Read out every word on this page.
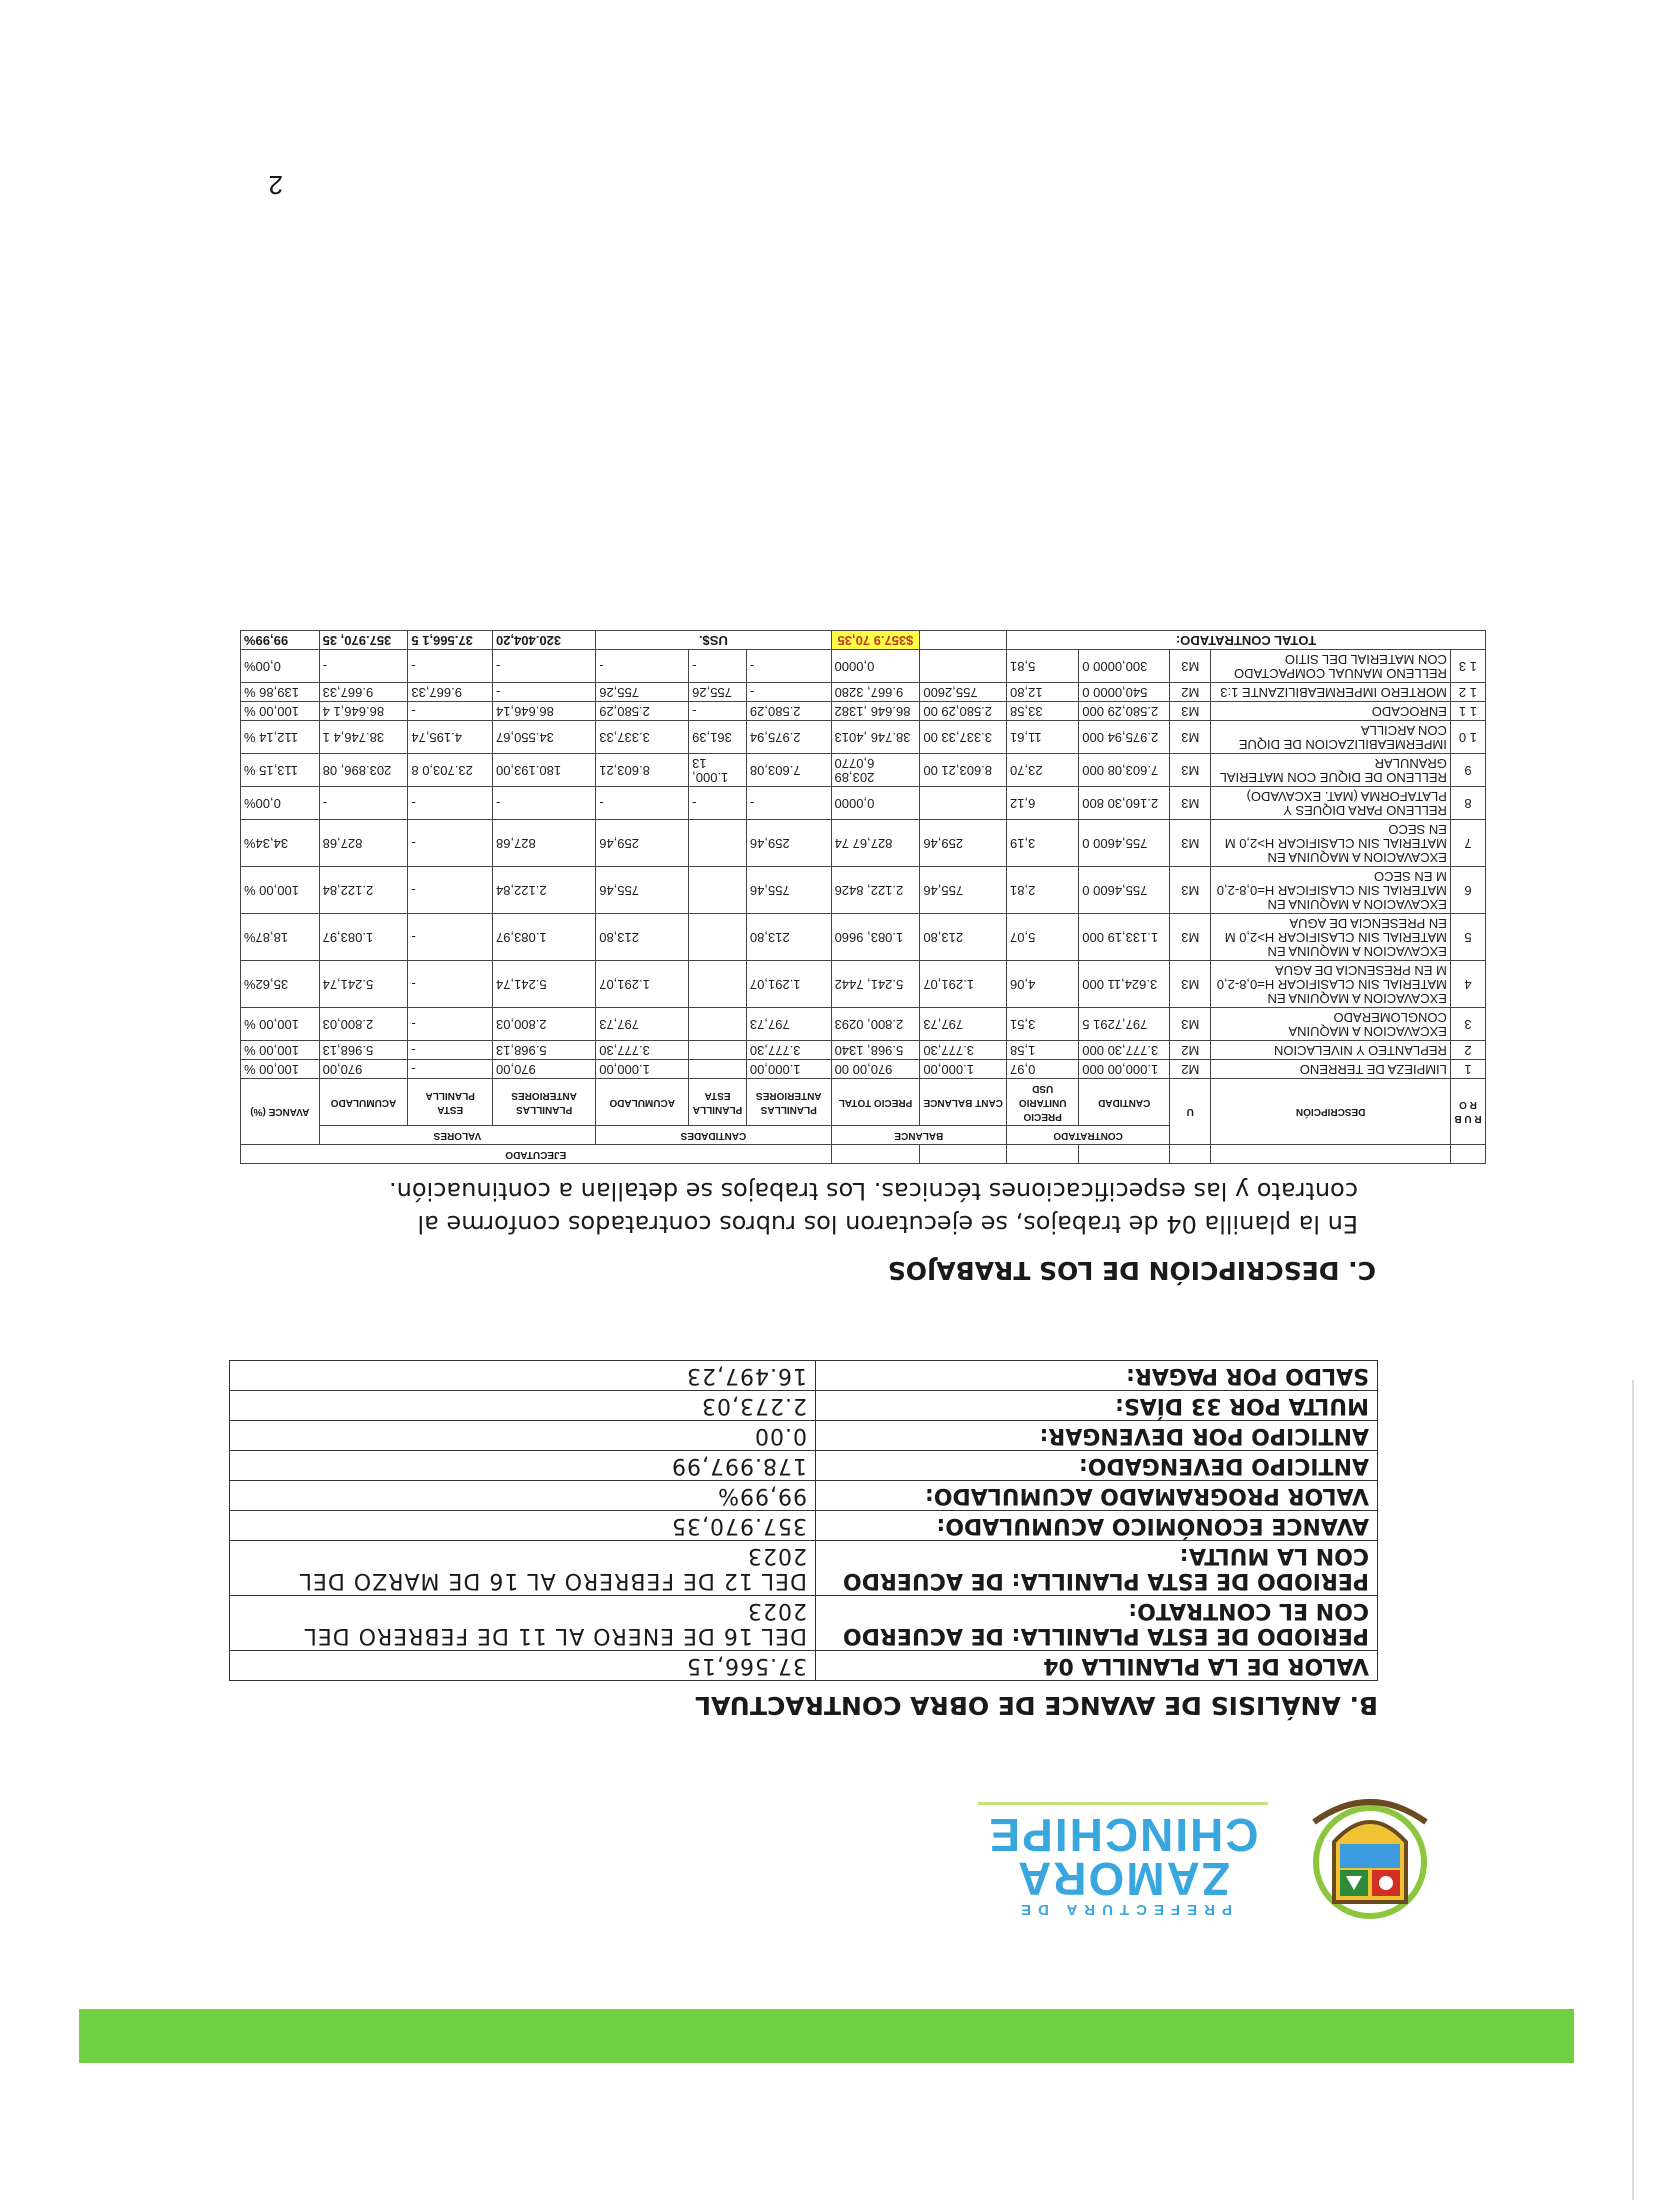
PREFECTURA DE
ZAMORA
CHINCHIPE
B. ANÁLISIS DE AVANCE DE OBRA CONTRACTUAL
VALOR DE LA PLANILLA 04	37.566,15
PERIODO DE ESTA PLANILLA: DE ACUERDO CON EL CONTRATO:	DEL 16 DE ENERO AL 11 DE FEBRERO DEL 2023
PERIODO DE ESTA PLANILLA: DE ACUERDO CON LA MULTA:	DEL 12 DE FEBRERO AL 16 DE MARZO DEL 2023
AVANCE ECONÓMICO ACUMULADO:	357.970,35
VALOR PROGRAMADO ACUMULADO:	99,99%
ANTICIPO DEVENGADO:	178.997,99
ANTICIPO POR DEVENGAR:	0.00
MULTA POR 33 DÍAS:	2.273,03
SALDO POR PAGAR:	16.497,23
C. DESCRIPCIÓN DE LOS TRABAJOS
En la planilla 04 de trabajos, se ejecutaron los rubros contratados conforme al contrato y las especificaciones técnicas. Los trabajos se detallan a continuación.
							EJECUTADO						
R U B R O	DESCRIPCIÓN	U	CONTRATADO		BALANCE		CANTIDADES			VALORES			AVANCE (%)
			CANTIDAD	PRECIO UNITARIO USD	CANT BALANCE	PRECIO TOTAL	PLANILLAS ANTERIORES	PLANILLA ESTA	ACUMULADO	PLANILLAS ANTERIORES	ESTA PLANILLA	ACUMULADO	
1	LIMPIEZA DE TERRENO	M2	1.000,00 000	0,97	1.000,00	970,00 00	1.000,00		1.000,00	970,00	-	970,00	100,00 %
2	REPLANTEO Y NIVELACION	M2	3.777,30 000	1,58	3.777,30	5.968, 1340	3.777,30		3.777,30	5.968,13	-	5.968,13	100,00 %
3	EXCAVACION A MAQUINA CONGLOMERADO	M3	797,7291 5	3,51	797,73	2.800, 0293	797,73		797,73	2.800,03	-	2.800,03	100,00 %
4	EXCAVACION A MAQUINA EN MATERIAL SIN CLASIFICAR H=0,8-2,0 M EN PRESENCIA DE AGUA	M3	3.624,11 000	4,06	1.291,07	5.241, 7442	1.291,07		1.291,07	5.241,74	-	5.241,74	35,62%
5	EXCAVACION A MAQUINA EN MATERIAL SIN CLASIFICAR H>2,0 M EN PRESENCIA DE AGUA	M3	1.133,19 000	5,07	213,80	1.083, 9660	213,80		213,80	1.083,97	-	1.083,97	18,87%
6	EXCAVACION A MAQUINA EN MATERIAL SIN CLASIFICAR H=0,8-2,0 M EN SECO	M3	755,4600 0	2,81	755,46	2.122, 8426	755,46		755,46	2.122,84	-	2.122,84	100,00 %
7	EXCAVACION A MAQUINA EN MATERIAL SIN CLASIFICAR H>2,0 M EN SECO	M3	755,4600 0	3,19	259,46	827,67 74	259,46		259,46	827,68	-	827,68	34,34%
8	RELLENO PARA DIQUES Y PLATAFORMA (MAT. EXCAVADO)	M3	2.160,30 800	6,12		0,0000	-	-	-	-	-	-	0,00%
9	RELLENO DE DIQUE CON MATERIAL GRANULAR	M3	7.603,08 000	23,70	8.603,21 00	203,89 6,0770	7.603,08	1.000, 13	8.603,21	180.193,00	23.703,0 8	203.896, 08	113,15 %
1 0	IMPERMEABILIZACION DE DIQUE CON ARCILLA	M3	2.975,94 000	11,61	3.337,33 00	38.746 ,4013	2.975,94	361,39	3.337,33	34.550,67	4.195,74	38.746,4 1	112,14 %
1 1	ENROCADO	M3	2.580,29 000	33,58	2.580,29 00	86.646 ,1382	2.580,29	-	2.580,29	86.646,14	-	86.646,1 4	100,00 %
1 2	MORTERO IMPERMEABILIZANTE 1:3	M2	540,0000 0	12,80	755,2600	9.667, 3280	-	755,26	755,26	-	9.667,33	9.667,33	139,86 %
1 3	RELLENO MANUAL COMPACTADO CON MATERIAL DEL SITIO	M3	300,0000 0	5,81		0,0000	-	-	-	-	-	-	0,00%
TOTAL CONTRATADO:						$357.9 70,35	US$.			320.404,20	37.566,1 5	357.970, 35	99,99%
2
